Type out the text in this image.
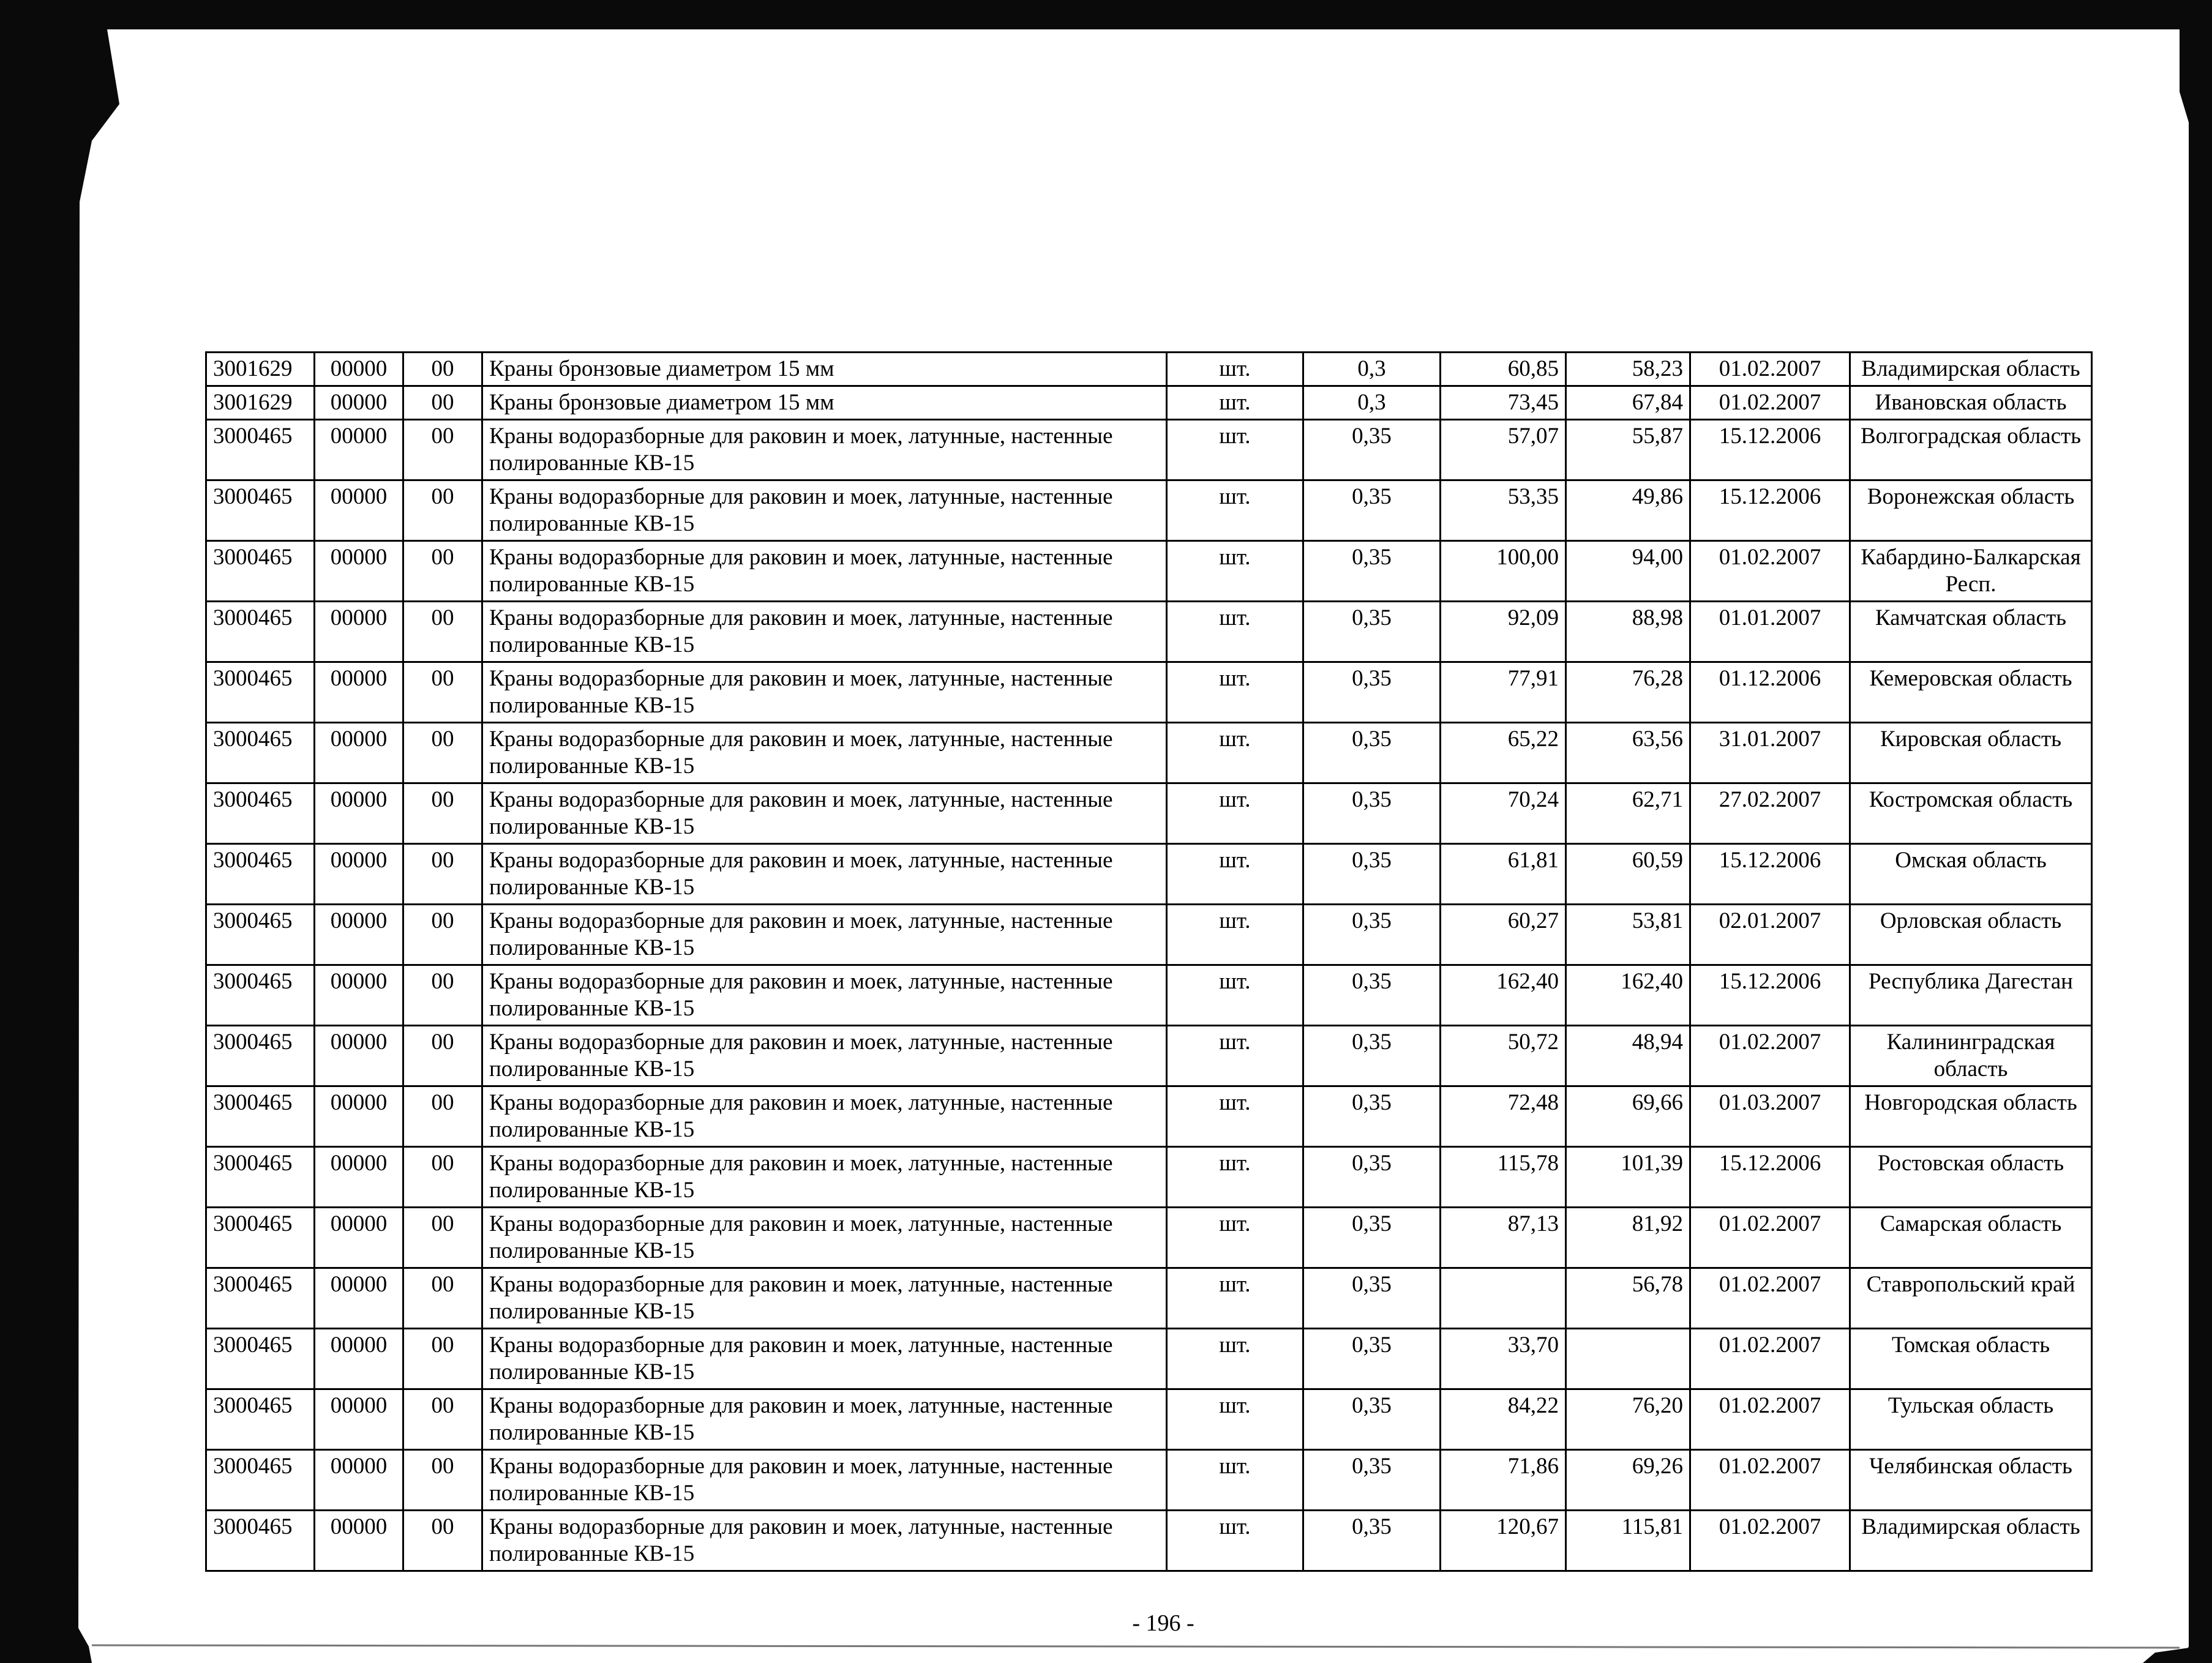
3001629	00000	00	Краны бронзовые диаметром 15 мм	шт.	0,3	60,85	58,23	01.02.2007	Владимирская область
3001629	00000	00	Краны бронзовые диаметром 15 мм	шт.	0,3	73,45	67,84	01.02.2007	Ивановская область
3000465	00000	00	Краны водоразборные для раковин и моек, латунные, настенные полированные КВ-15	шт.	0,35	57,07	55,87	15.12.2006	Волгоградская область
3000465	00000	00	Краны водоразборные для раковин и моек, латунные, настенные полированные КВ-15	шт.	0,35	53,35	49,86	15.12.2006	Воронежская область
3000465	00000	00	Краны водоразборные для раковин и моек, латунные, настенные полированные КВ-15	шт.	0,35	100,00	94,00	01.02.2007	Кабардино-Балкарская Респ.
3000465	00000	00	Краны водоразборные для раковин и моек, латунные, настенные полированные КВ-15	шт.	0,35	92,09	88,98	01.01.2007	Камчатская область
3000465	00000	00	Краны водоразборные для раковин и моек, латунные, настенные полированные КВ-15	шт.	0,35	77,91	76,28	01.12.2006	Кемеровская область
3000465	00000	00	Краны водоразборные для раковин и моек, латунные, настенные полированные КВ-15	шт.	0,35	65,22	63,56	31.01.2007	Кировская область
3000465	00000	00	Краны водоразборные для раковин и моек, латунные, настенные полированные КВ-15	шт.	0,35	70,24	62,71	27.02.2007	Костромская область
3000465	00000	00	Краны водоразборные для раковин и моек, латунные, настенные полированные КВ-15	шт.	0,35	61,81	60,59	15.12.2006	Омская область
3000465	00000	00	Краны водоразборные для раковин и моек, латунные, настенные полированные КВ-15	шт.	0,35	60,27	53,81	02.01.2007	Орловская область
3000465	00000	00	Краны водоразборные для раковин и моек, латунные, настенные полированные КВ-15	шт.	0,35	162,40	162,40	15.12.2006	Республика Дагестан
3000465	00000	00	Краны водоразборные для раковин и моек, латунные, настенные полированные КВ-15	шт.	0,35	50,72	48,94	01.02.2007	Калининградская область
3000465	00000	00	Краны водоразборные для раковин и моек, латунные, настенные полированные КВ-15	шт.	0,35	72,48	69,66	01.03.2007	Новгородская область
3000465	00000	00	Краны водоразборные для раковин и моек, латунные, настенные полированные КВ-15	шт.	0,35	115,78	101,39	15.12.2006	Ростовская область
3000465	00000	00	Краны водоразборные для раковин и моек, латунные, настенные полированные КВ-15	шт.	0,35	87,13	81,92	01.02.2007	Самарская область
3000465	00000	00	Краны водоразборные для раковин и моек, латунные, настенные полированные КВ-15	шт.	0,35		56,78	01.02.2007	Ставропольский край
3000465	00000	00	Краны водоразборные для раковин и моек, латунные, настенные полированные КВ-15	шт.	0,35	33,70		01.02.2007	Томская область
3000465	00000	00	Краны водоразборные для раковин и моек, латунные, настенные полированные КВ-15	шт.	0,35	84,22	76,20	01.02.2007	Тульская область
3000465	00000	00	Краны водоразборные для раковин и моек, латунные, настенные полированные КВ-15	шт.	0,35	71,86	69,26	01.02.2007	Челябинская область
3000465	00000	00	Краны водоразборные для раковин и моек, латунные, настенные полированные КВ-15	шт.	0,35	120,67	115,81	01.02.2007	Владимирская область
- 196 -
